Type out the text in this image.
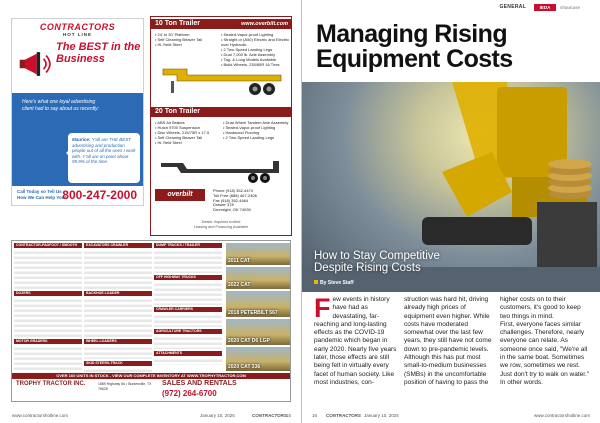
CONTRACTORS
HOT LINE
The BEST in the Business
Here's what one loyal advertising client had to say about us recently:
Maurice: Y'all are THE BEST advertising and production people out of all the ones I work with. Y'all are on point about 99.9% of the time.
Call Today so Tell Us
How We Can Help You!
800-247-2000
10 Ton Trailer	www.overbilt.com
• 24' to 30' Platform
• Self Cleaning Beaver Tail
• Hi-Yield Steel
• Sealed-Vapor-proof Lighting
• Straight or (A50) Electric and Electric over Hydraulic
• 2 Two-Speed Landing Legs
• Dual 7,000 lb. Axle Assembly
• Tag- & Long Models Available
• Build Wheels, 235/85R 16 Tires
20 Ton Trailer
• ABS Air Brakes
• Hutch 9700 Suspension
• Disc Wheels, 215/75R x 17.5
• Self Cleaning Beaver Tail
• Hi-Yield Steel
• Dual Wheel Tandem Axle Assembly
• Sealed-Vapor-proof Lighting
• Hardwood Flooring
• 2 Two-Speed Landing Legs
overbilt
Phone (918) 352-4474
Toll Free (888) 467-2406
Fax (918) 352-4464
Drawer 378
Drumright, OK 74030
Dealer Inquiries Invited
Leasing and Financing Available
CONTRACTOR-PADFOOT / SMOOTH
DOZERS
MOTOR GRADERS
EXCAVATORS CRAWLER
BACKHOE LOADER
WHEEL LOADERS
SKID STEERS-TRACK
DUMP TRUCKS / TRAILER
OFF HIGHWAY TRUCKS
CRAWLER CARRIERS
AGRICULTURE TRACTORS
ATTACHMENTS
2011 CAT
2022 CAT
2018 PETERBILT 567
2020 CAT D6 LGP
2020 CAT 336
OVER 160 UNITS IN STOCK - VIEW OUR COMPLETE INVENTORY AT WWW.TROPHYTRACTOR.COM
TROPHY TRACTOR INC.	1889 Highway 66 • Burkesville, TX 76628
SALES AND RENTALS
(972) 264-6700
www.contractorshotline.com	January 10, 2025	CONTRACTORS 15
Managing Rising
Equipment Costs
How to Stay Competitive
Despite Rising Costs
By Steve Staff
F ew events in history have had as devastating, far-reaching and long-lasting effects as the COVID-19 pandemic which began in early 2020. Nearly five years later, those effects are still being felt in virtually every facet of human society. Like most industries, con-
struction was hard hit, driving already high prices of equipment even higher. While costs have moderated somewhat over the last few years, they still have not come down to pre-pandemic levels.
Although this has put most small-to-medium businesses (SMBs) in the uncomfortable position of having to pass the
higher costs on to their customers, it's good to keep two things in mind.
First, everyone faces similar challenges. Therefore, nearly everyone can relate. As someone once said, "We're all in the same boat. Sometimes we row, sometimes we rest. Just don't try to walk on water." In other words.
16 CONTRACTORS January 10, 2025	www.contractorshotline.com
GENERAL	IEDA	showcase
